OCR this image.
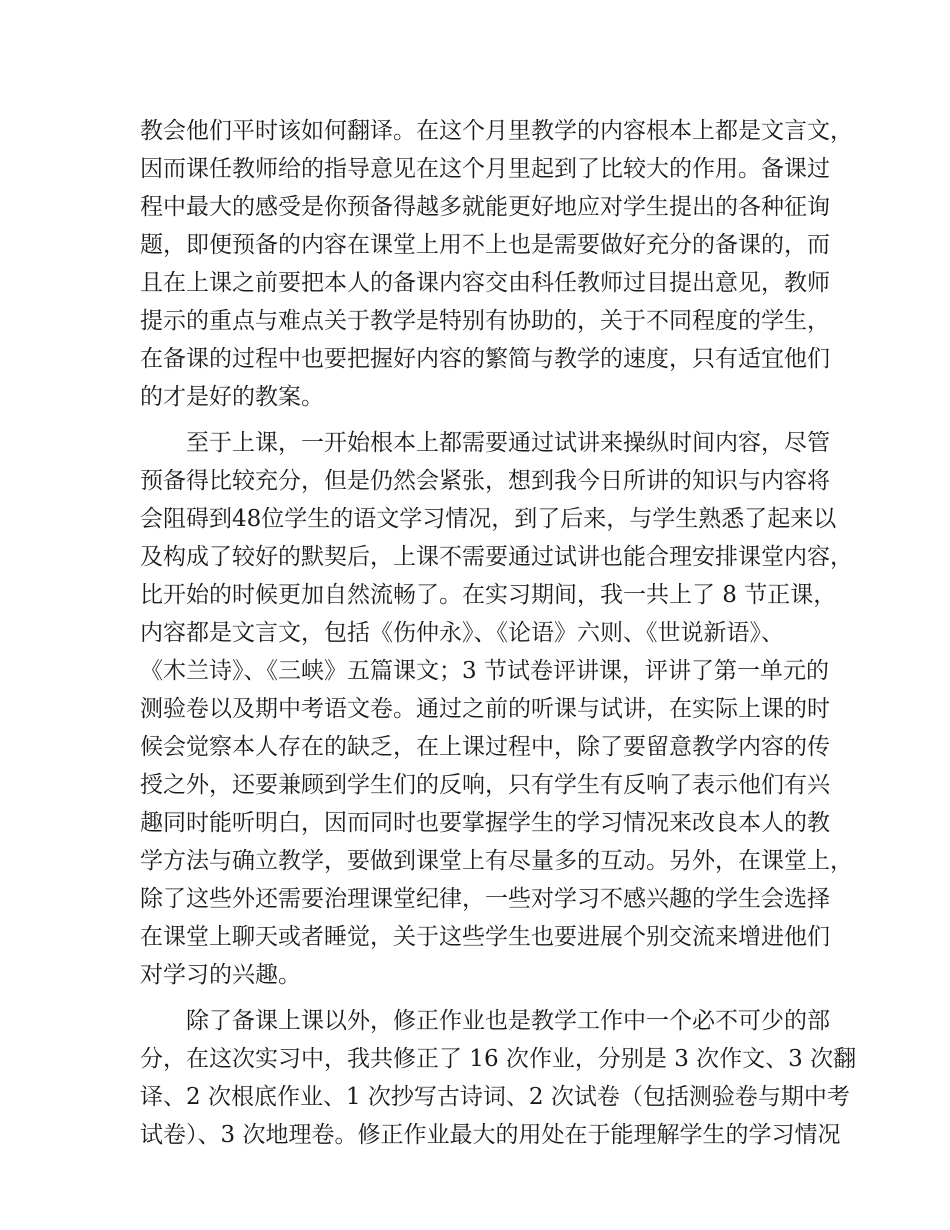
教会他们平时该如何翻译。在这个月里教学的内容根本上都是文言文，
因而课任教师给的指导意见在这个月里起到了比较大的作用。备课过
程中最大的感受是你预备得越多就能更好地应对学生提出的各种征询
题，即便预备的内容在课堂上用不上也是需要做好充分的备课的，而
且在上课之前要把本人的备课内容交由科任教师过目提出意见，教师
提示的重点与难点关于教学是特别有协助的，关于不同程度的学生，
在备课的过程中也要把握好内容的繁简与教学的速度，只有适宜他们
的才是好的教案。
　　至于上课，一开始根本上都需要通过试讲来操纵时间内容，尽管
预备得比较充分，但是仍然会紧张，想到我今日所讲的知识与内容将
会阻碍到48位学生的语文学习情况，到了后来，与学生熟悉了起来以
及构成了较好的默契后，上课不需要通过试讲也能合理安排课堂内容，
比开始的时候更加自然流畅了。在实习期间，我一共上了 8 节正课，
内容都是文言文，包括《伤仲永》、《论语》六则、《世说新语》、
《木兰诗》、《三峡》五篇课文；3 节试卷评讲课，评讲了第一单元的
测验卷以及期中考语文卷。通过之前的听课与试讲，在实际上课的时
候会觉察本人存在的缺乏，在上课过程中，除了要留意教学内容的传
授之外，还要兼顾到学生们的反响，只有学生有反响了表示他们有兴
趣同时能听明白，因而同时也要掌握学生的学习情况来改良本人的教
学方法与确立教学，要做到课堂上有尽量多的互动。另外，在课堂上，
除了这些外还需要治理课堂纪律，一些对学习不感兴趣的学生会选择
在课堂上聊天或者睡觉，关于这些学生也要进展个别交流来增进他们
对学习的兴趣。
　　除了备课上课以外，修正作业也是教学工作中一个必不可少的部
分，在这次实习中，我共修正了 16 次作业，分别是 3 次作文、3 次翻
译、2 次根底作业、1 次抄写古诗词、2 次试卷（包括测验卷与期中考
试卷）、3 次地理卷。修正作业最大的用处在于能理解学生的学习情况
